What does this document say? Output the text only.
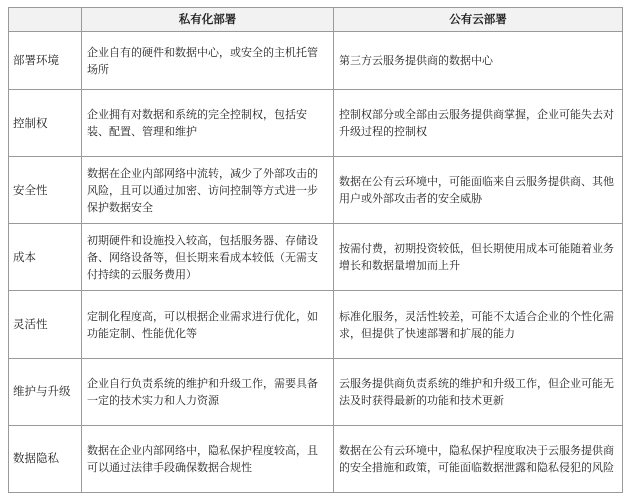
	私有化部署	公有云部署
部署环境	企业自有的硬件和数据中心，或安全的主机托管场所	第三方云服务提供商的数据中心
控制权	企业拥有对数据和系统的完全控制权，包括安装、配置、管理和维护	控制权部分或全部由云服务提供商掌握，企业可能失去对升级过程的控制权
安全性	数据在企业内部网络中流转，减少了外部攻击的风险，且可以通过加密、访问控制等方式进一步保护数据安全	数据在公有云环境中，可能面临来自云服务提供商、其他用户或外部攻击者的安全威胁
成本	初期硬件和设施投入较高，包括服务器、存储设备、网络设备等，但长期来看成本较低（无需支付持续的云服务费用）	按需付费，初期投资较低，但长期使用成本可能随着业务增长和数据量增加而上升
灵活性	定制化程度高，可以根据企业需求进行优化，如功能定制、性能优化等	标准化服务，灵活性较差，可能不太适合企业的个性化需求，但提供了快速部署和扩展的能力
维护与升级	企业自行负责系统的维护和升级工作，需要具备一定的技术实力和人力资源	云服务提供商负责系统的维护和升级工作，但企业可能无法及时获得最新的功能和技术更新
数据隐私	数据在企业内部网络中，隐私保护程度较高，且可以通过法律手段确保数据合规性	数据在公有云环境中，隐私保护程度取决于云服务提供商的安全措施和政策，可能面临数据泄露和隐私侵犯的风险
